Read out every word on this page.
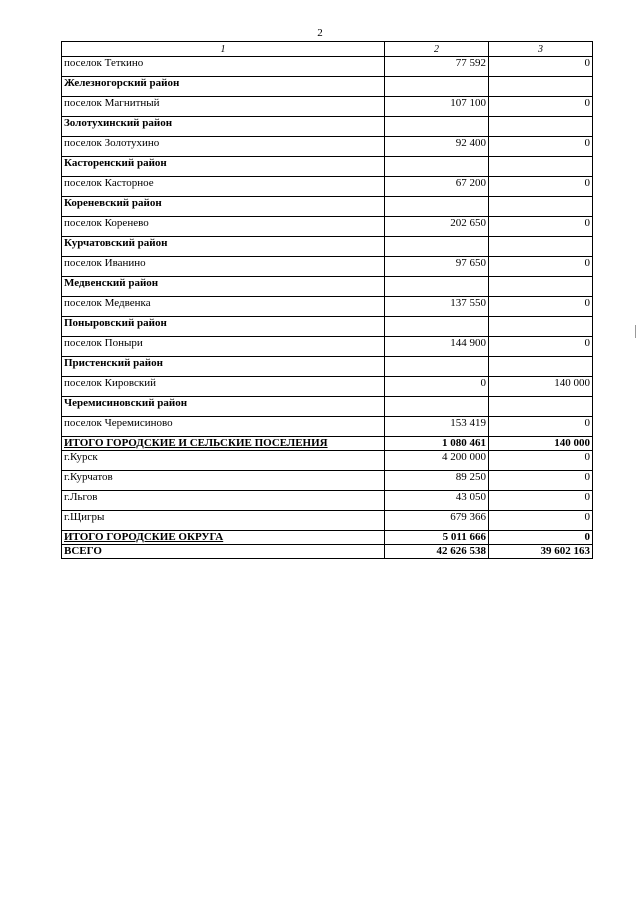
2
1	2	3
поселок Теткино	77 592	0
Железногорский район		
поселок Магнитный	107 100	0
Золотухинский район		
поселок Золотухино	92 400	0
Касторенский район		
поселок Касторное	67 200	0
Кореневский район		
поселок Коренево	202 650	0
Курчатовский район		
поселок Иванино	97 650	0
Медвенский район		
поселок Медвенка	137 550	0
Поныровский район		
поселок Поныри	144 900	0
Пристенский район		
поселок Кировский	0	140 000
Черемисиновский район		
поселок Черемисиново	153 419	0
ИТОГО ГОРОДСКИЕ И СЕЛЬСКИЕ ПОСЕЛЕНИЯ	1 080 461	140 000
г.Курск	4 200 000	0
г.Курчатов	89 250	0
г.Льгов	43 050	0
г.Щигры	679 366	0
ИТОГО ГОРОДСКИЕ ОКРУГА	5 011 666	0
ВСЕГО	42 626 538	39 602 163
